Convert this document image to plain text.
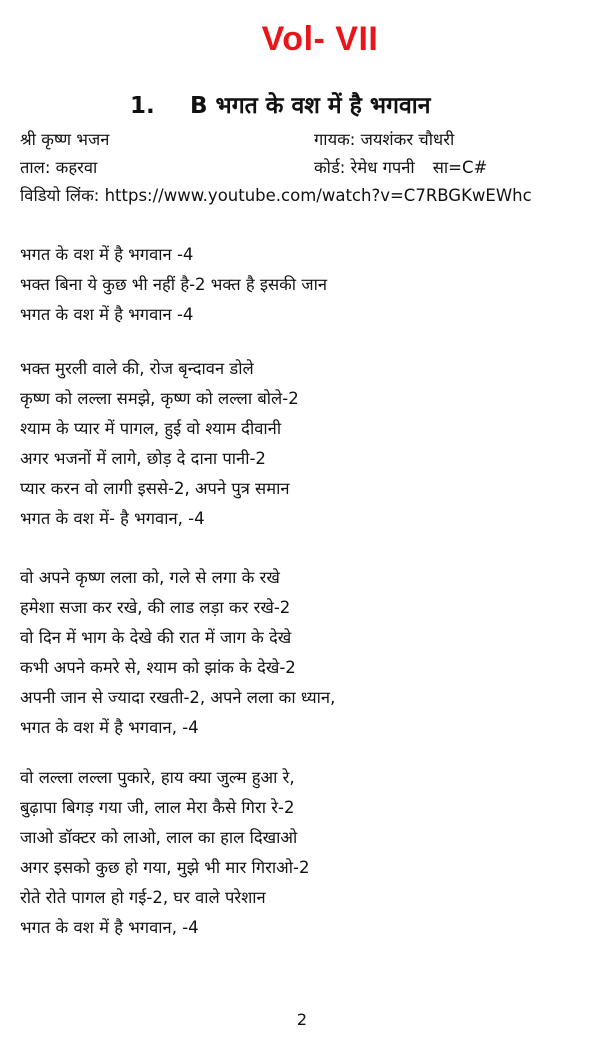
Vol- VII
1. B भगत के वश में है भगवान
श्री कृष्ण भजन	गायक: जयशंकर चौधरी
ताल: कहरवा	कोर्ड: रेमेध गपनी सा=C#
विडियो लिंक: https://www.youtube.com/watch?v=C7RBGKwEWhc
भगत के वश में है भगवान -4
भक्त बिना ये कुछ भी नहीं है-2 भक्त है इसकी जान
भगत के वश में है भगवान -4
भक्त मुरली वाले की, रोज बृन्दावन डोले
कृष्ण को लल्ला समझे, कृष्ण को लल्ला बोले-2
श्याम के प्यार में पागल, हुई वो श्याम दीवानी
अगर भजनों में लागे, छोड़ दे दाना पानी-2
प्यार करन वो लागी इससे-2, अपने पुत्र समान
भगत के वश में- है भगवान, -4
वो अपने कृष्ण लला को, गले से लगा के रखे
हमेशा सजा कर रखे, की लाड लड़ा कर रखे-2
वो दिन में भाग के देखे की रात में जाग के देखे
कभी अपने कमरे से, श्याम को झांक के देखे-2
अपनी जान से ज्यादा रखती-2, अपने लला का ध्यान,
भगत के वश में है भगवान, -4
वो लल्ला लल्ला पुकारे, हाय क्या जुल्म हुआ रे,
बुढ़ापा बिगड़ गया जी, लाल मेरा कैसे गिरा रे-2
जाओ डॉक्टर को लाओ, लाल का हाल दिखाओ
अगर इसको कुछ हो गया, मुझे भी मार गिराओ-2
रोते रोते पागल हो गई-2, घर वाले परेशान
भगत के वश में है भगवान, -4
2
